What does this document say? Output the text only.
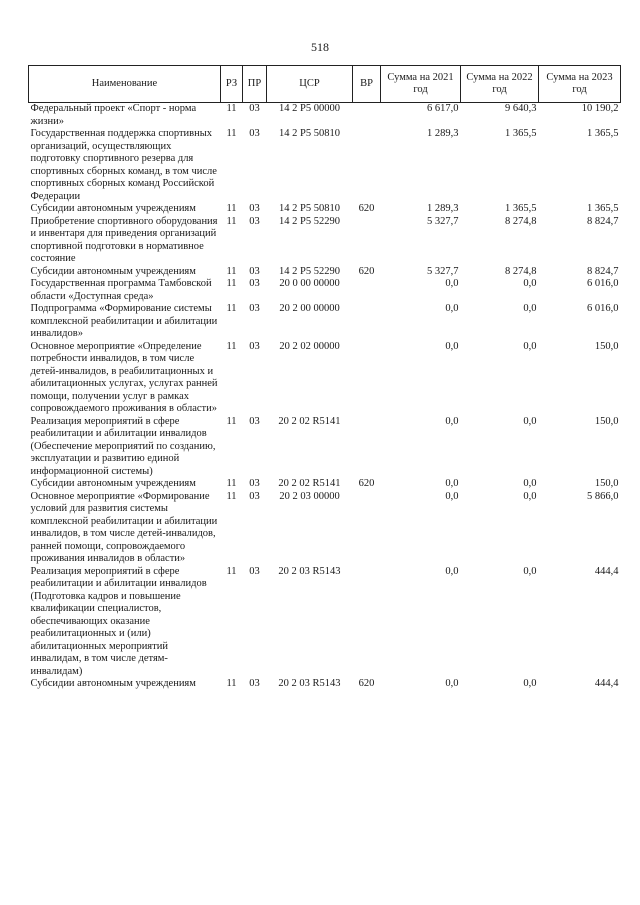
518
Наименование	РЗ	ПР	ЦСР	ВР	Сумма на 2021 год	Сумма на 2022 год	Сумма на 2023 год
Федеральный проект «Спорт - норма жизни»	11	03	14 2 P5 00000		6 617,0	9 640,3	10 190,2
Государственная поддержка спортивных организаций, осуществляющих подготовку спортивного резерва для спортивных сборных команд, в том числе спортивных сборных команд Российской Федерации	11	03	14 2 P5 50810		1 289,3	1 365,5	1 365,5
Субсидии автономным учреждениям	11	03	14 2 P5 50810	620	1 289,3	1 365,5	1 365,5
Приобретение спортивного оборудования и инвентаря для приведения организаций спортивной подготовки в нормативное состояние	11	03	14 2 P5 52290		5 327,7	8 274,8	8 824,7
Субсидии автономным учреждениям	11	03	14 2 P5 52290	620	5 327,7	8 274,8	8 824,7
Государственная программа Тамбовской области «Доступная среда»	11	03	20 0 00 00000		0,0	0,0	6 016,0
Подпрограмма «Формирование системы комплексной реабилитации и абилитации инвалидов»	11	03	20 2 00 00000		0,0	0,0	6 016,0
Основное мероприятие «Определение потребности инвалидов, в том числе детей-инвалидов, в реабилитационных и абилитационных услугах, услугах ранней помощи, получении услуг в рамках сопровождаемого проживания в области»	11	03	20 2 02 00000		0,0	0,0	150,0
Реализация мероприятий в сфере реабилитации и абилитации инвалидов (Обеспечение мероприятий по созданию, эксплуатации и развитию единой информационной системы)	11	03	20 2 02 R5141		0,0	0,0	150,0
Субсидии автономным учреждениям	11	03	20 2 02 R5141	620	0,0	0,0	150,0
Основное мероприятие «Формирование условий для развития системы комплексной реабилитации и абилитации инвалидов, в том числе детей-инвалидов, ранней помощи, сопровождаемого проживания инвалидов в области»	11	03	20 2 03 00000		0,0	0,0	5 866,0
Реализация мероприятий в сфере реабилитации и абилитации инвалидов (Подготовка кадров и повышение квалификации специалистов, обеспечивающих оказание реабилитационных и (или) абилитационных мероприятий инвалидам, в том числе детям-инвалидам)	11	03	20 2 03 R5143		0,0	0,0	444,4
Субсидии автономным учреждениям	11	03	20 2 03 R5143	620	0,0	0,0	444,4
